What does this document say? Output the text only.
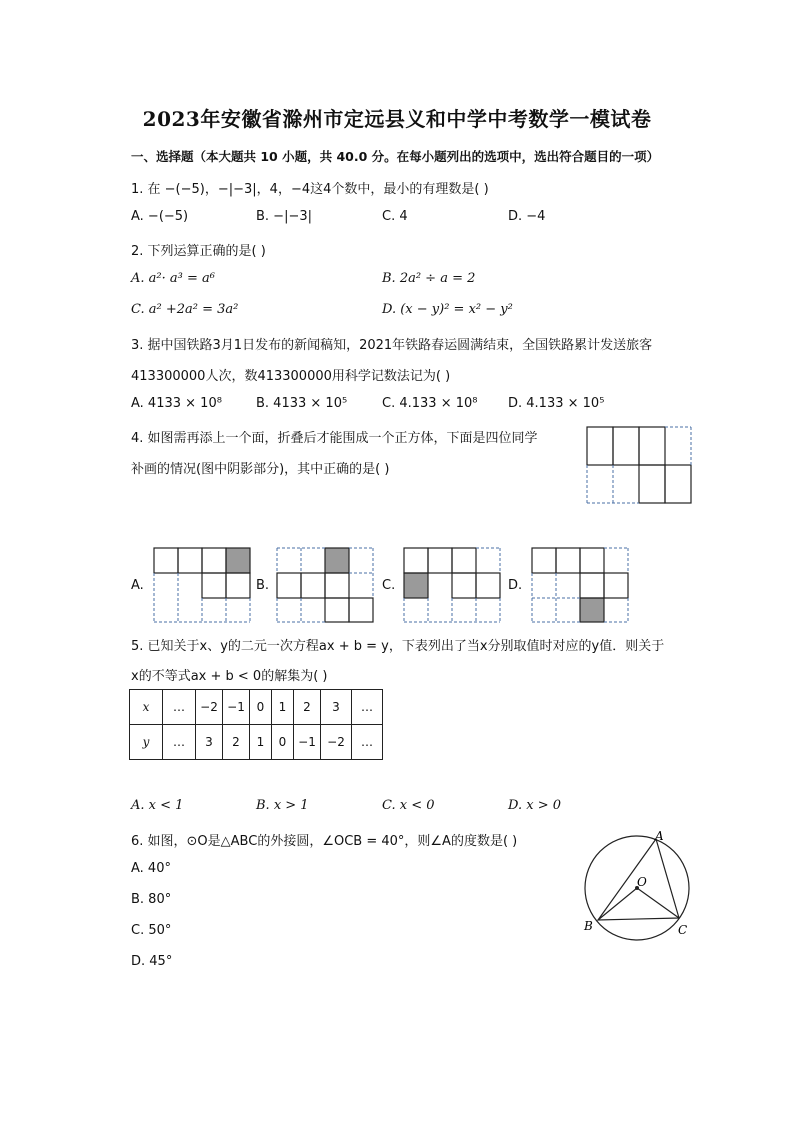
2023年安徽省滁州市定远县义和中学中考数学一模试卷
一、选择题（本大题共 10 小题，共 40.0 分。在每小题列出的选项中，选出符合题目的一项）
1. 在 −(−5)，−|−3|，4，−4这4个数中，最小的有理数是( )
A. −(−5)	B. −|−3|	C. 4	D. −4
2. 下列运算正确的是( )
A. a²· a³ = a⁶	B. 2a² ÷ a = 2
C. a² +2a² = 3a²	D. (x − y)² = x² − y²
3. 据中国铁路3月1日发布的新闻稿知，2021年铁路春运圆满结束，全国铁路累计发送旅客
413300000人次，数413300000用科学记数法记为( )
A. 4133 × 10⁸	B. 4133 × 10⁵	C. 4.133 × 10⁸ D. 4.133 × 10⁵
4. 如图需再添上一个面，折叠后才能围成一个正方体，下面是四位同学
补画的情况(图中阴影部分)，其中正确的是( )
A.	B.	C.	D.
5. 已知关于x、y的二元一次方程ax + b = y，下表列出了当x分别取值时对应的y值．则关于
x的不等式ax + b < 0的解集为( )
x	…	−2	−1	0	1	2	3	…
y	…	3	2	1	0	−1	−2	…
A. x < 1	B. x > 1	C. x < 0	D. x > 0
6. 如图，⊙O是△ABC的外接圆，∠OCB = 40°，则∠A的度数是( )
A. 40°
B. 80°
C. 50°
D. 45°
A
O
B	C
